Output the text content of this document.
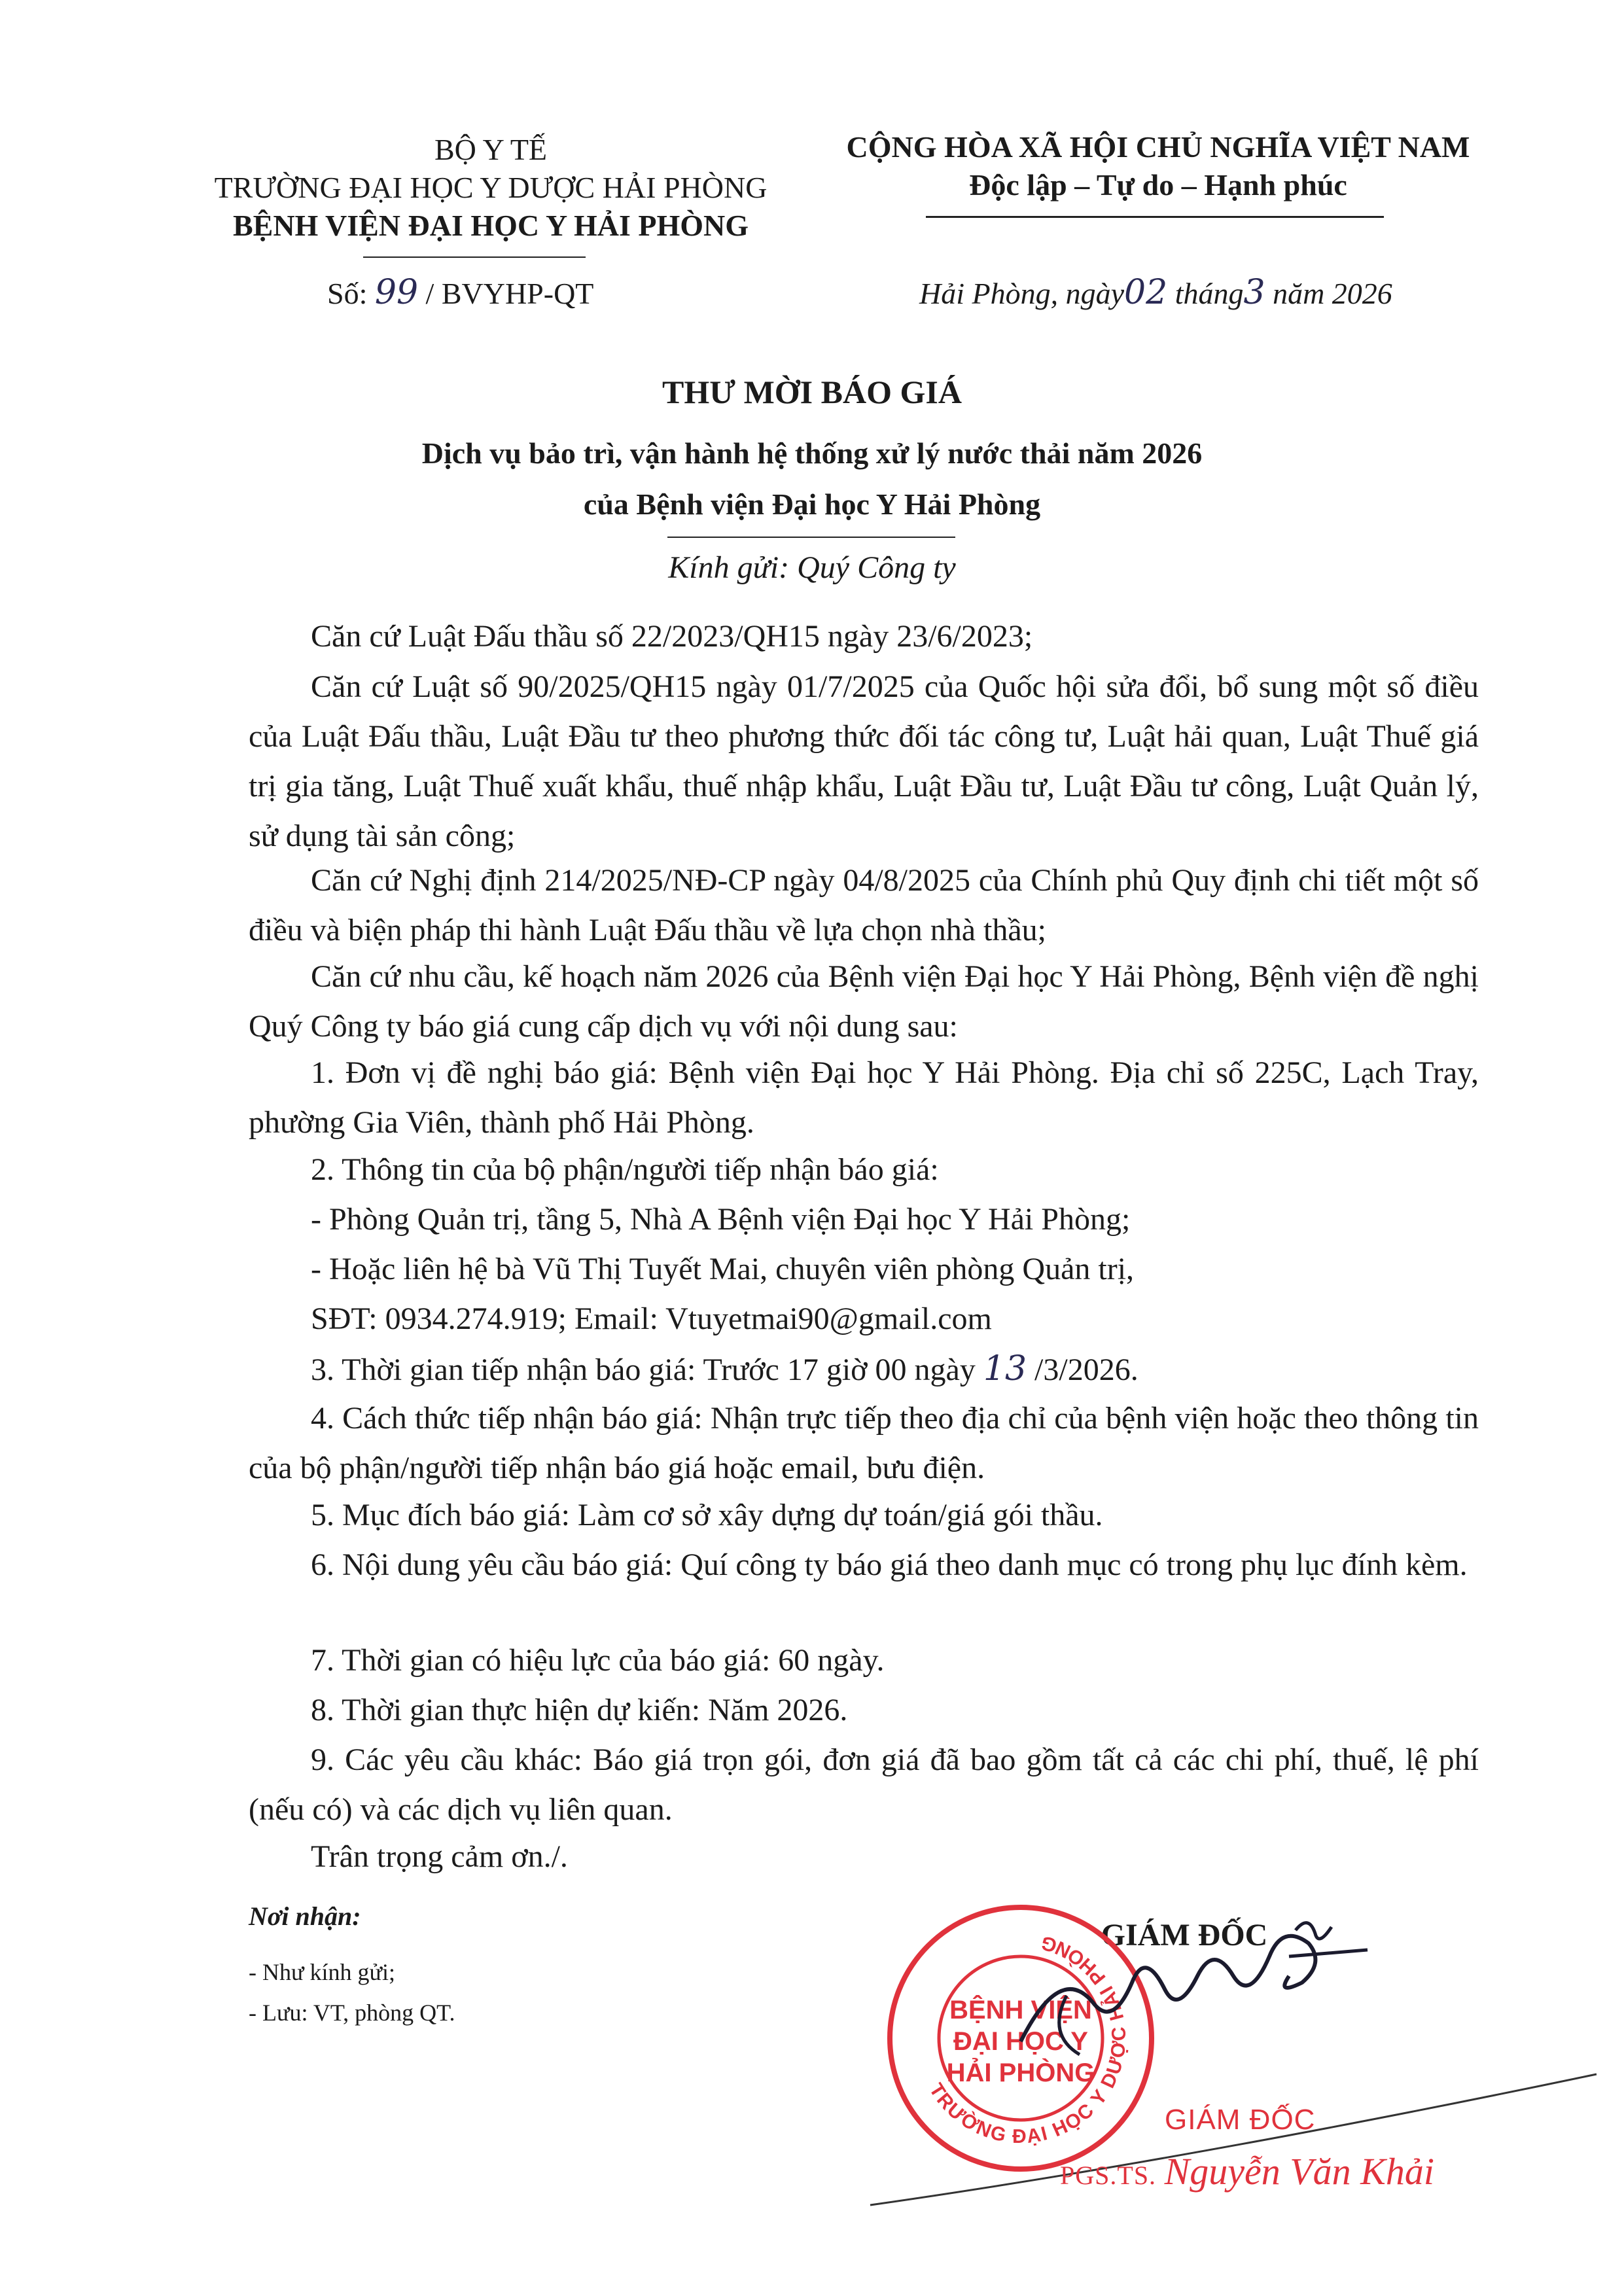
BỘ Y TẾ
TRƯỜNG ĐẠI HỌC Y DƯỢC HẢI PHÒNG
BỆNH VIỆN ĐẠI HỌC Y HẢI PHÒNG
Số: 99 / BVYHP-QT
CỘNG HÒA XÃ HỘI CHỦ NGHĨA VIỆT NAM
Độc lập – Tự do – Hạnh phúc
Hải Phòng, ngày02 tháng3 năm 2026
THƯ MỜI BÁO GIÁ
Dịch vụ bảo trì, vận hành hệ thống xử lý nước thải năm 2026
của Bệnh viện Đại học Y Hải Phòng
Kính gửi: Quý Công ty
Căn cứ Luật Đấu thầu số 22/2023/QH15 ngày 23/6/2023;
Căn cứ Luật số 90/2025/QH15 ngày 01/7/2025 của Quốc hội sửa đổi, bổ sung một số điều của Luật Đấu thầu, Luật Đầu tư theo phương thức đối tác công tư, Luật hải quan, Luật Thuế giá trị gia tăng, Luật Thuế xuất khẩu, thuế nhập khẩu, Luật Đầu tư, Luật Đầu tư công, Luật Quản lý, sử dụng tài sản công;
Căn cứ Nghị định 214/2025/NĐ-CP ngày 04/8/2025 của Chính phủ Quy định chi tiết một số điều và biện pháp thi hành Luật Đấu thầu về lựa chọn nhà thầu;
Căn cứ nhu cầu, kế hoạch năm 2026 của Bệnh viện Đại học Y Hải Phòng, Bệnh viện đề nghị Quý Công ty báo giá cung cấp dịch vụ với nội dung sau:
1. Đơn vị đề nghị báo giá: Bệnh viện Đại học Y Hải Phòng. Địa chỉ số 225C, Lạch Tray, phường Gia Viên, thành phố Hải Phòng.
2. Thông tin của bộ phận/người tiếp nhận báo giá:
- Phòng Quản trị, tầng 5, Nhà A Bệnh viện Đại học Y Hải Phòng;
- Hoặc liên hệ bà Vũ Thị Tuyết Mai, chuyên viên phòng Quản trị,
SĐT: 0934.274.919; Email: Vtuyetmai90@gmail.com
3. Thời gian tiếp nhận báo giá: Trước 17 giờ 00 ngày 13 /3/2026.
4. Cách thức tiếp nhận báo giá: Nhận trực tiếp theo địa chỉ của bệnh viện hoặc theo thông tin của bộ phận/người tiếp nhận báo giá hoặc email, bưu điện.
5. Mục đích báo giá: Làm cơ sở xây dựng dự toán/giá gói thầu.
6. Nội dung yêu cầu báo giá: Quí công ty báo giá theo danh mục có trong phụ lục đính kèm.
7. Thời gian có hiệu lực của báo giá: 60 ngày.
8. Thời gian thực hiện dự kiến: Năm 2026.
9. Các yêu cầu khác: Báo giá trọn gói, đơn giá đã bao gồm tất cả các chi phí, thuế, lệ phí (nếu có) và các dịch vụ liên quan.
Trân trọng cảm ơn./.
Nơi nhận:
- Như kính gửi;
- Lưu: VT, phòng QT.
GIÁM ĐỐC
TRƯỜNG ĐẠI HỌC Y DƯỢC HẢI PHÒNG
BỆNH VIỆN
ĐẠI HỌC Y
HẢI PHÒNG
GIÁM ĐỐC
PGS.TS. Nguyễn Văn Khải
